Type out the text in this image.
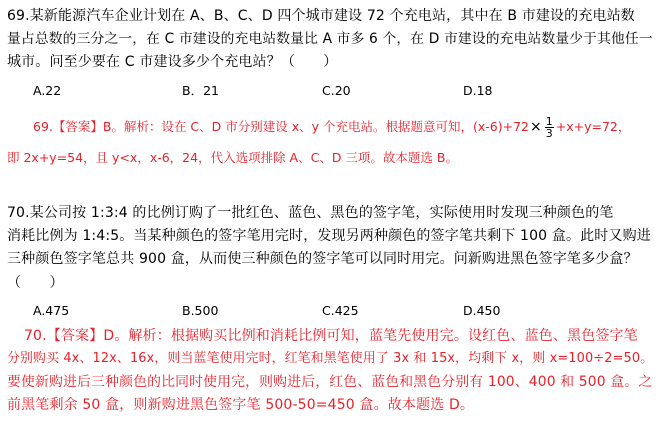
69.某新能源汽车企业计划在 A、B、C、D 四个城市建设 72 个充电站，其中在 B 市建设的充电站数
量占总数的三分之一，在 C 市建设的充电站数量比 A 市多 6 个，在 D 市建设的充电站数量少于其他任一
城市。问至少要在 C 市建设多少个充电站？（　　）
A.22	B．21	C.20	D.18
69.【答案】B。解析：设在 C、D 市分别建设 x、y 个充电站。根据题意可知，$(x-6)+72\times \frac{1}{3} +x+y=72$，
即 2x+y=54，且 y<x，x-6，24，代入选项排除 A、C、D 三项。故本题选 B。
70.某公司按 1:3:4 的比例订购了一批红色、蓝色、黑色的签字笔，实际使用时发现三种颜色的笔
消耗比例为 1:4:5。当某种颜色的签字笔用完时，发现另两种颜色的签字笔共剩下 100 盒。此时又购进
三种颜色签字笔总共 900 盒，从而使三种颜色的签字笔可以同时用完。问新购进黑色签字笔多少盒？
（　　）
A.475	B.500	C.425	D.450
70.【答案】D。解析：根据购买比例和消耗比例可知，蓝笔先使用完。设红色、蓝色、黑色签字笔
分别购买 4x、12x、16x，则当蓝笔使用完时，红笔和黑笔使用了 3x 和 15x，均剩下 x，则 x=100÷2=50。
要使新购进后三种颜色的比同时使用完，则购进后，红色、蓝色和黑色分别有 100、400 和 500 盒。之
前黑笔剩余 50 盒，则新购进黑色签字笔 500-50=450 盒。故本题选 D。
